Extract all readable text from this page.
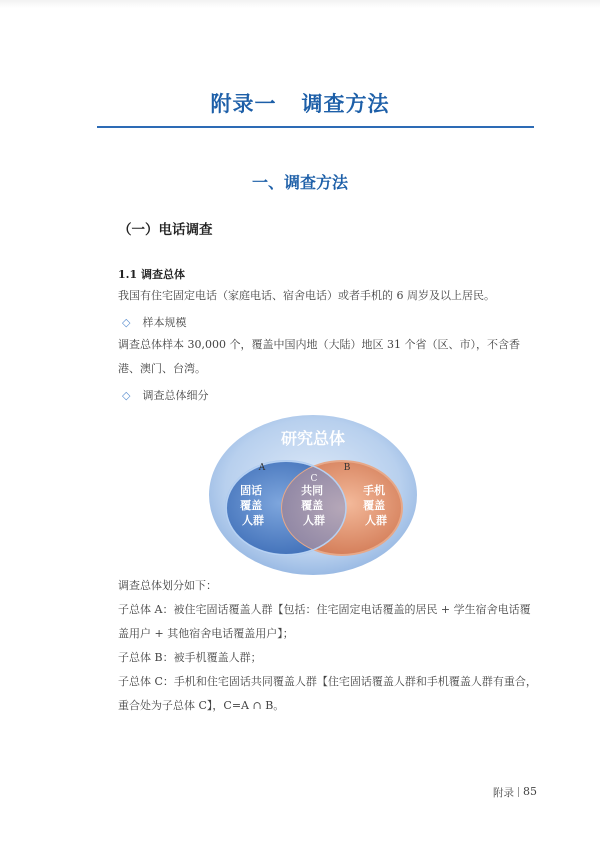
附录一   调查方法
一、调查方法
（一）电话调查
1.1 调查总体
我国有住宅固定电话（家庭电话、宿舍电话）或者手机的 6 周岁及以上居民。
◇ 样本规模
调查总体样本 30,000 个，覆盖中国内地（大陆）地区 31 个省（区、市），不含香港、澳门、台湾。
◇ 调查总体细分
研究总体
A	B
C
固话 覆盖 人群
共同 覆盖 人群
手机 覆盖 人群
调查总体划分如下：
子总体 A：被住宅固话覆盖人群【包括：住宅固定电话覆盖的居民 + 学生宿舍电话覆盖用户 + 其他宿舍电话覆盖用户】；
子总体 B：被手机覆盖人群；
子总体 C：手机和住宅固话共同覆盖人群【住宅固话覆盖人群和手机覆盖人群有重合，重合处为子总体 C】，C=A ∩ B。
附录 85
